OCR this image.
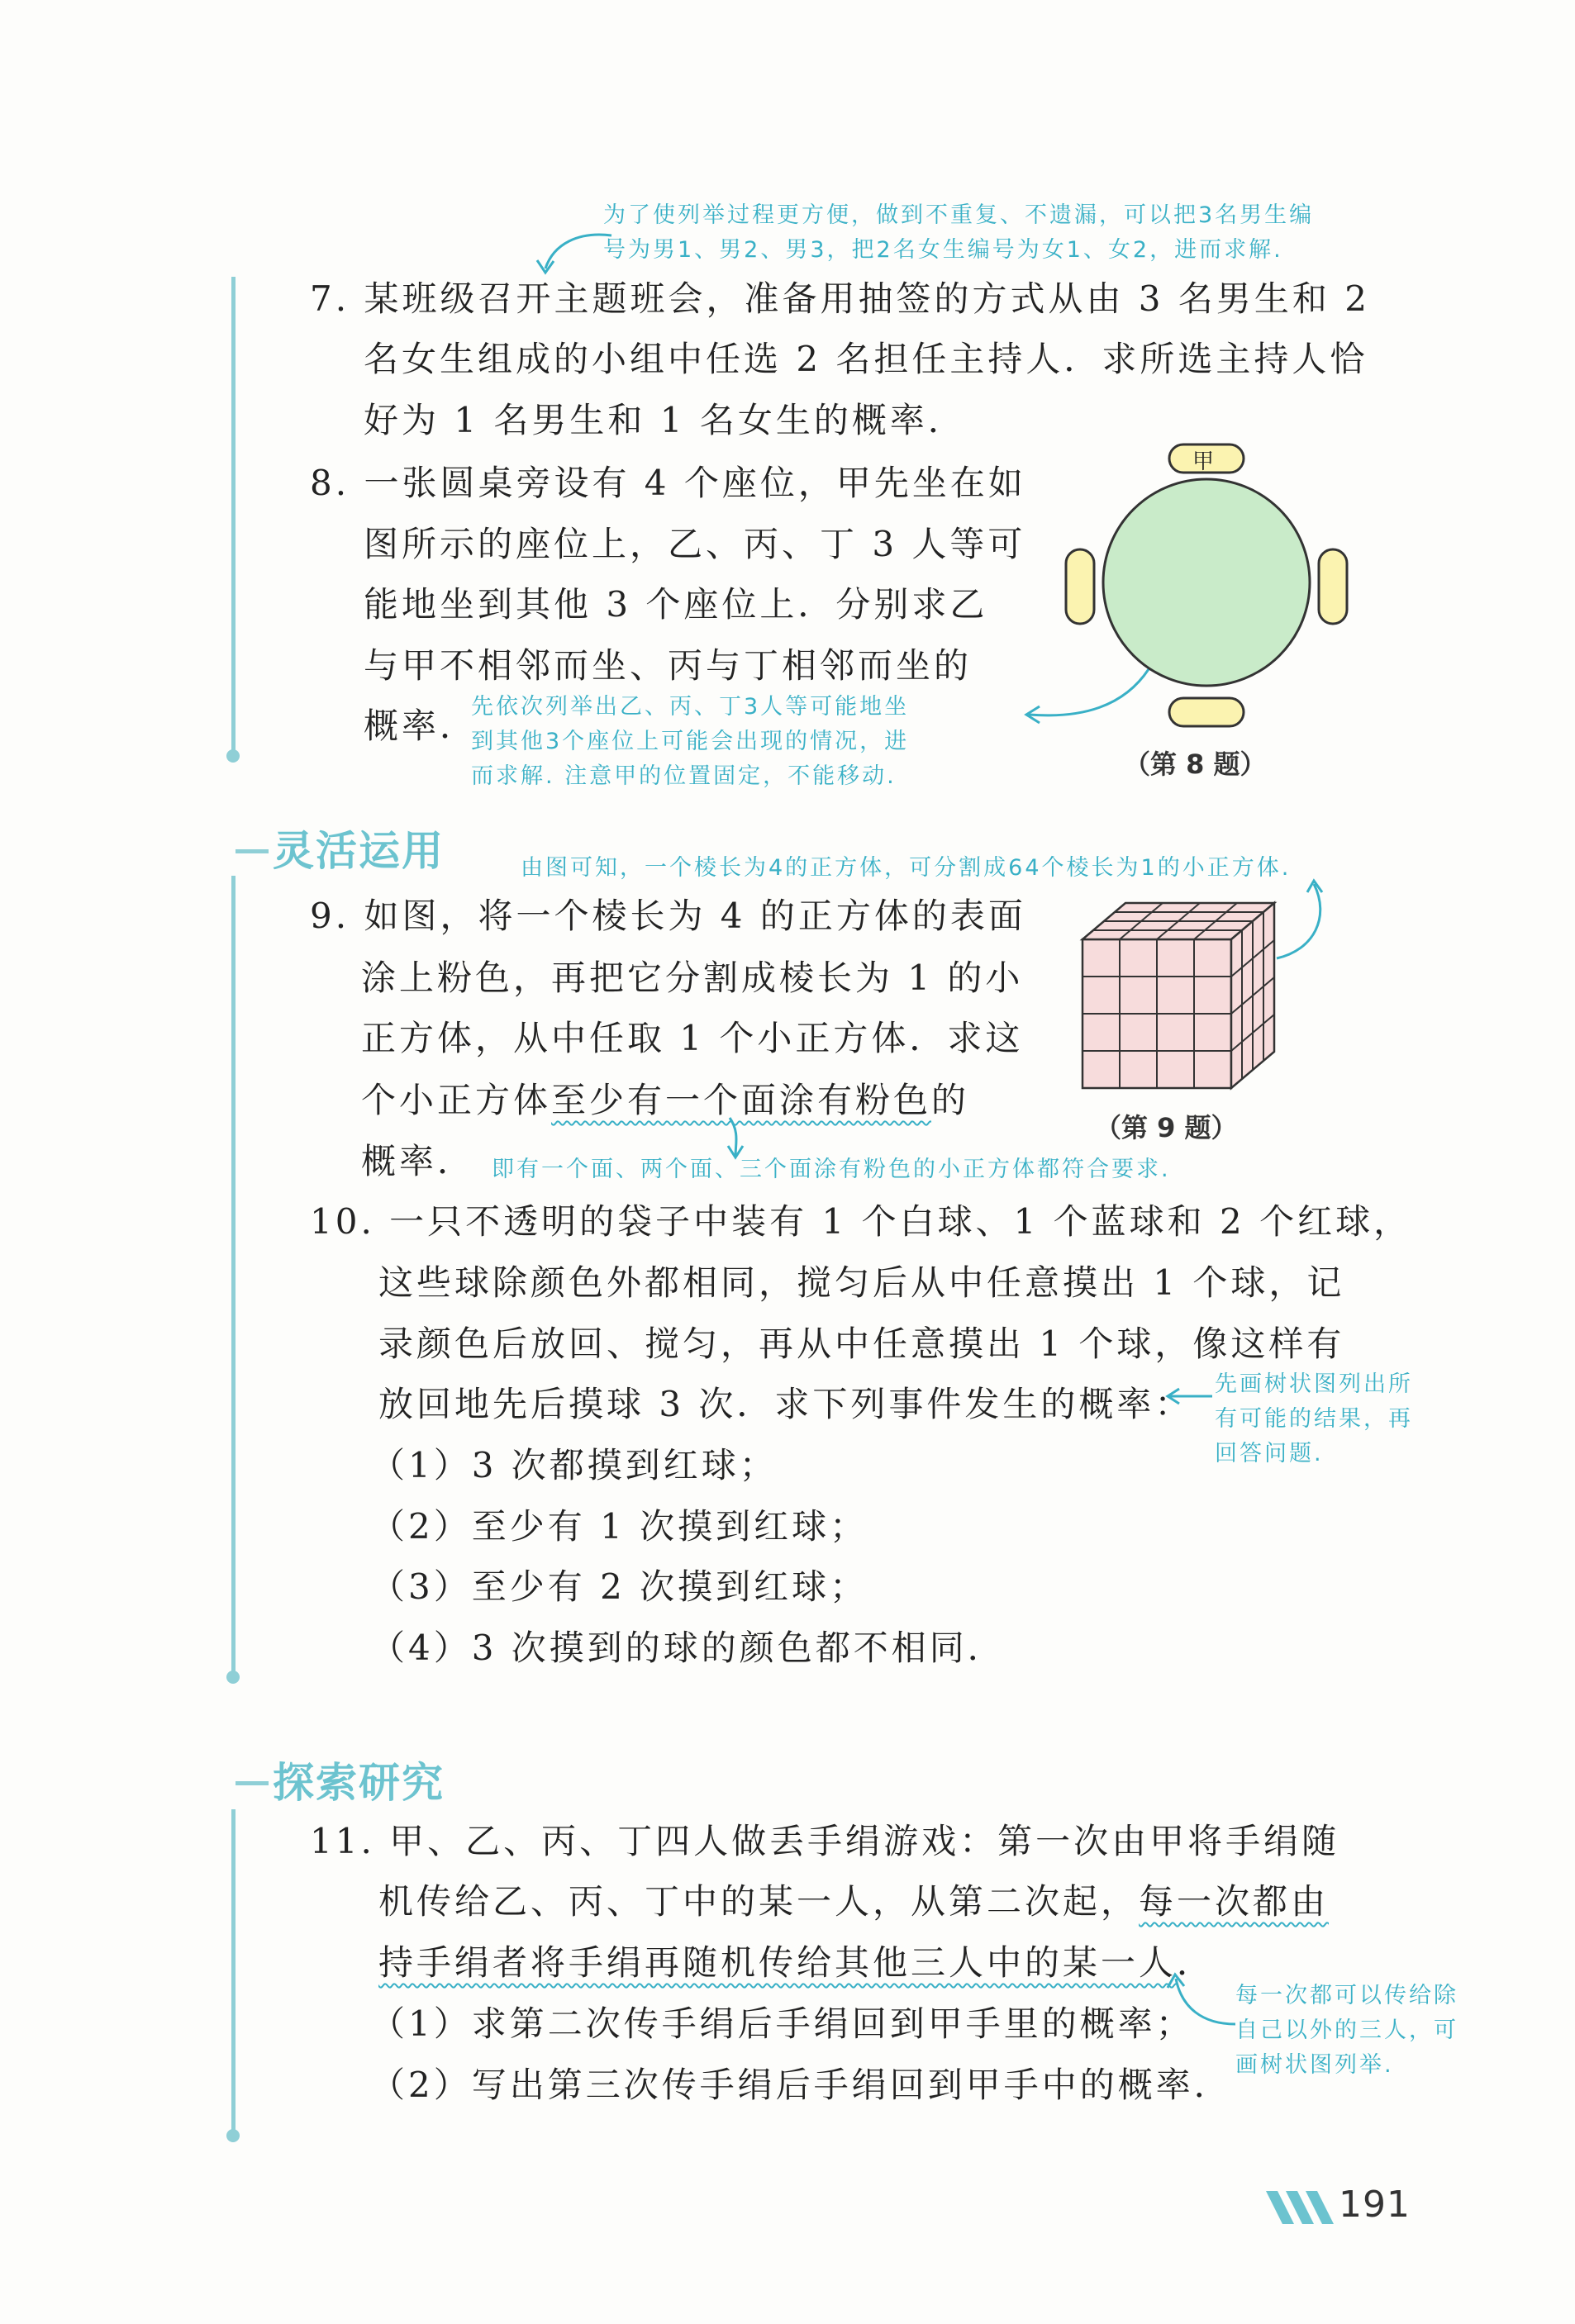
为了使列举过程更方便，做到不重复、不遗漏，可以把3名男生编
号为男1、男2、男3，把2名女生编号为女1、女2，进而求解.
7. 某班级召开主题班会，准备用抽签的方式从由 3 名男生和 2
名女生组成的小组中任选 2 名担任主持人．求所选主持人恰
好为 1 名男生和 1 名女生的概率．
8. 一张圆桌旁设有 4 个座位，甲先坐在如
图所示的座位上，乙、丙、丁 3 人等可
能地坐到其他 3 个座位上．分别求乙
与甲不相邻而坐、丙与丁相邻而坐的
概率．
先依次列举出乙、丙、丁3人等可能地坐
到其他3个座位上可能会出现的情况，进
而求解. 注意甲的位置固定，不能移动.
甲
（第 8 题）
灵活运用	由图可知，一个棱长为4的正方体，可分割成64个棱长为1的小正方体.
9. 如图，将一个棱长为 4 的正方体的表面
涂上粉色，再把它分割成棱长为 1 的小
正方体，从中任取 1 个小正方体．求这
个小正方体至少有一个面涂有粉色的
概率． 即有一个面、两个面、三个面涂有粉色的小正方体都符合要求.
（第 9 题）
10. 一只不透明的袋子中装有 1 个白球、1 个蓝球和 2 个红球，
这些球除颜色外都相同，搅匀后从中任意摸出 1 个球，记
录颜色后放回、搅匀，再从中任意摸出 1 个球，像这样有
放回地先后摸球 3 次．求下列事件发生的概率：
（1）3 次都摸到红球；
（2）至少有 1 次摸到红球；
（3）至少有 2 次摸到红球；
（4）3 次摸到的球的颜色都不相同．
先画树状图列出所
有可能的结果，再
回答问题.
探索研究
11. 甲、乙、丙、丁四人做丢手绢游戏：第一次由甲将手绢随
机传给乙、丙、丁中的某一人，从第二次起，每一次都由
持手绢者将手绢再随机传给其他三人中的某一人．
（1）求第二次传手绢后手绢回到甲手里的概率；
（2）写出第三次传手绢后手绢回到甲手中的概率．
每一次都可以传给除
自己以外的三人，可
画树状图列举.
191
